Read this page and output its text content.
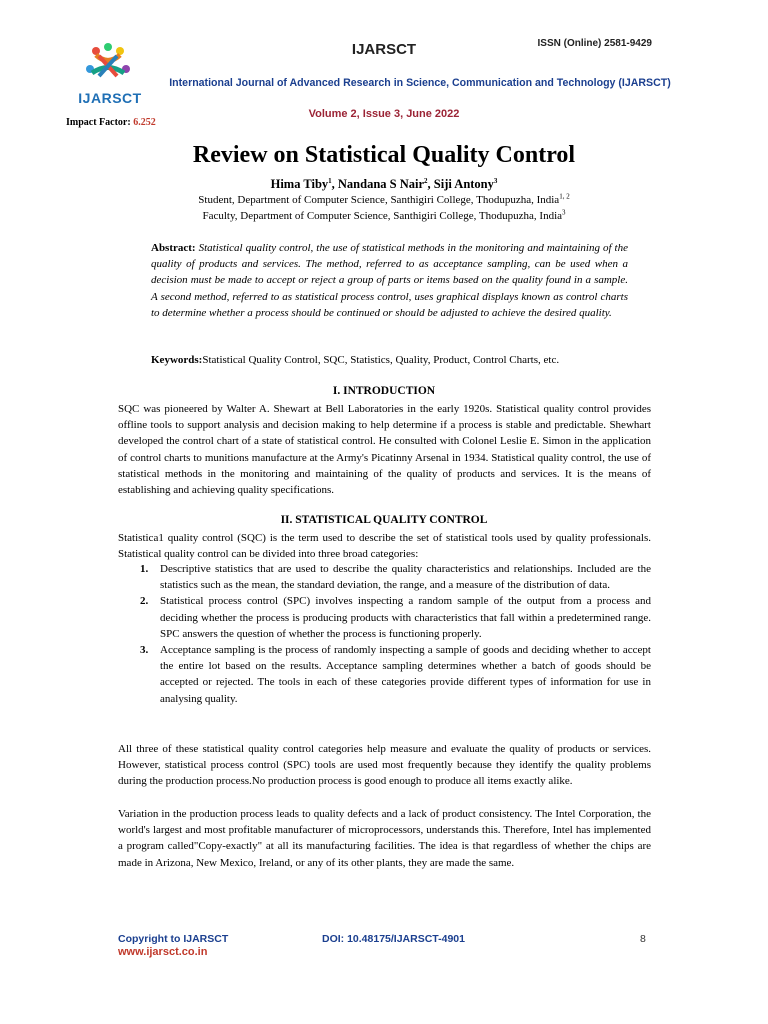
IJARSCT	ISSN (Online) 2581-9429
IJARSCT
International Journal of Advanced Research in Science, Communication and Technology (IJARSCT)
Volume 2, Issue 3, June 2022
Impact Factor: 6.252
Review on Statistical Quality Control
Hima Tiby$^1$, Nandana S Nair$^2$, Siji Antony$^3$
Student, Department of Computer Science, Santhigiri College, Thodupuzha, India$^{1, 2}$
Faculty, Department of Computer Science, Santhigiri College, Thodupuzha, India$^3$
Abstract: Statistical quality control, the use of statistical methods in the monitoring and maintaining of the quality of products and services. The method, referred to as acceptance sampling, can be used when a decision must be made to accept or reject a group of parts or items based on the quality found in a sample. A second method, referred to as statistical process control, uses graphical displays known as control charts to determine whether a process should be continued or should be adjusted to achieve the desired quality.
Keywords:Statistical Quality Control, SQC, Statistics, Quality, Product, Control Charts, etc.
I. INTRODUCTION

SQC was pioneered by Walter A. Shewart at Bell Laboratories in the early 1920s. Statistical quality control provides offline tools to support analysis and decision making to help determine if a process is stable and predictable. Shewhart developed the control chart of a state of statistical control. He consulted with Colonel Leslie E. Simon in the application of control charts to munitions manufacture at the Army's Picatinny Arsenal in 1934. Statistical quality control, the use of statistical methods in the monitoring and maintaining of the quality of products and services. It is the means of establishing and achieving quality specifications.

II. STATISTICAL QUALITY CONTROL

Statistica1 quality control (SQC) is the term used to describe the set of statistical tools used by quality professionals. Statistical quality control can be divided into three broad categories:

1. Descriptive statistics that are used to describe the quality characteristics and relationships. Included are the statistics such as the mean, the standard deviation, the range, and a measure of the distribution of data.
2. Statistical process control (SPC) involves inspecting a random sample of the output from a process and deciding whether the process is producing products with characteristics that fall within a predetermined range. SPC answers the question of whether the process is functioning properly.
3. Acceptance sampling is the process of randomly inspecting a sample of goods and deciding whether to accept the entire lot based on the results. Acceptance sampling determines whether a batch of goods should be accepted or rejected. The tools in each of these categories provide different types of information for use in analysing quality.

All three of these statistical quality control categories help measure and evaluate the quality of products or services. However, statistical process control (SPC) tools are used most frequently because they identify the quality problems during the production process.No production process is good enough to produce all items exactly alike.

Variation in the production process leads to quality defects and a lack of product consistency. The Intel Corporation, the world's largest and most profitable manufacturer of microprocessors, understands this. Therefore, Intel has implemented a program called"Copy-exactly" at all its manufacturing facilities. The idea is that regardless of whether the chips are made in Arizona, New Mexico, Ireland, or any of its other plants, they are made the same.

Copyright to IJARSCT
www.ijarsct.co.in
DOI: 10.48175/IJARSCT-4901	8
